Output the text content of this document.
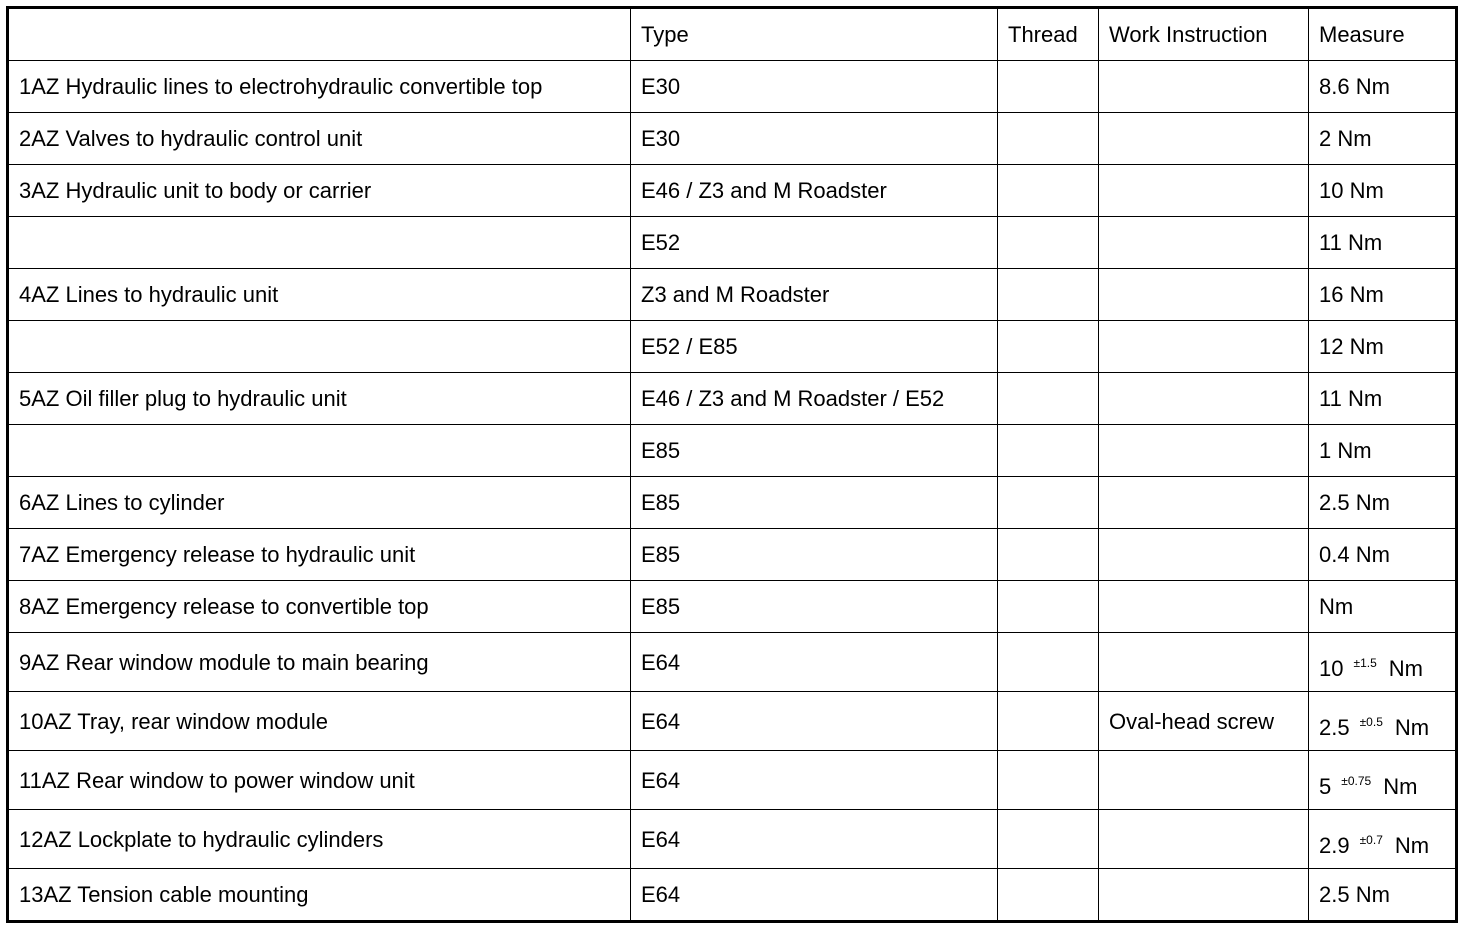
	Type	Thread	Work Instruction	Measure
1AZ Hydraulic lines to electrohydraulic convertible top	E30			8.6 Nm
2AZ Valves to hydraulic control unit	E30			2 Nm
3AZ Hydraulic unit to body or carrier	E46 / Z3 and M Roadster			10 Nm
	E52			11 Nm
4AZ Lines to hydraulic unit	Z3 and M Roadster			16 Nm
	E52 / E85			12 Nm
5AZ Oil filler plug to hydraulic unit	E46 / Z3 and M Roadster / E52			11 Nm
	E85			1 Nm
6AZ Lines to cylinder	E85			2.5 Nm
7AZ Emergency release to hydraulic unit	E85			0.4 Nm
8AZ Emergency release to convertible top	E85			Nm
9AZ Rear window module to main bearing	E64			10 ±1.5 Nm
10AZ Tray, rear window module	E64		Oval-head screw	2.5 ±0.5 Nm
11AZ Rear window to power window unit	E64			5 ±0.75 Nm
12AZ Lockplate to hydraulic cylinders	E64			2.9 ±0.7 Nm
13AZ Tension cable mounting	E64			2.5 Nm
